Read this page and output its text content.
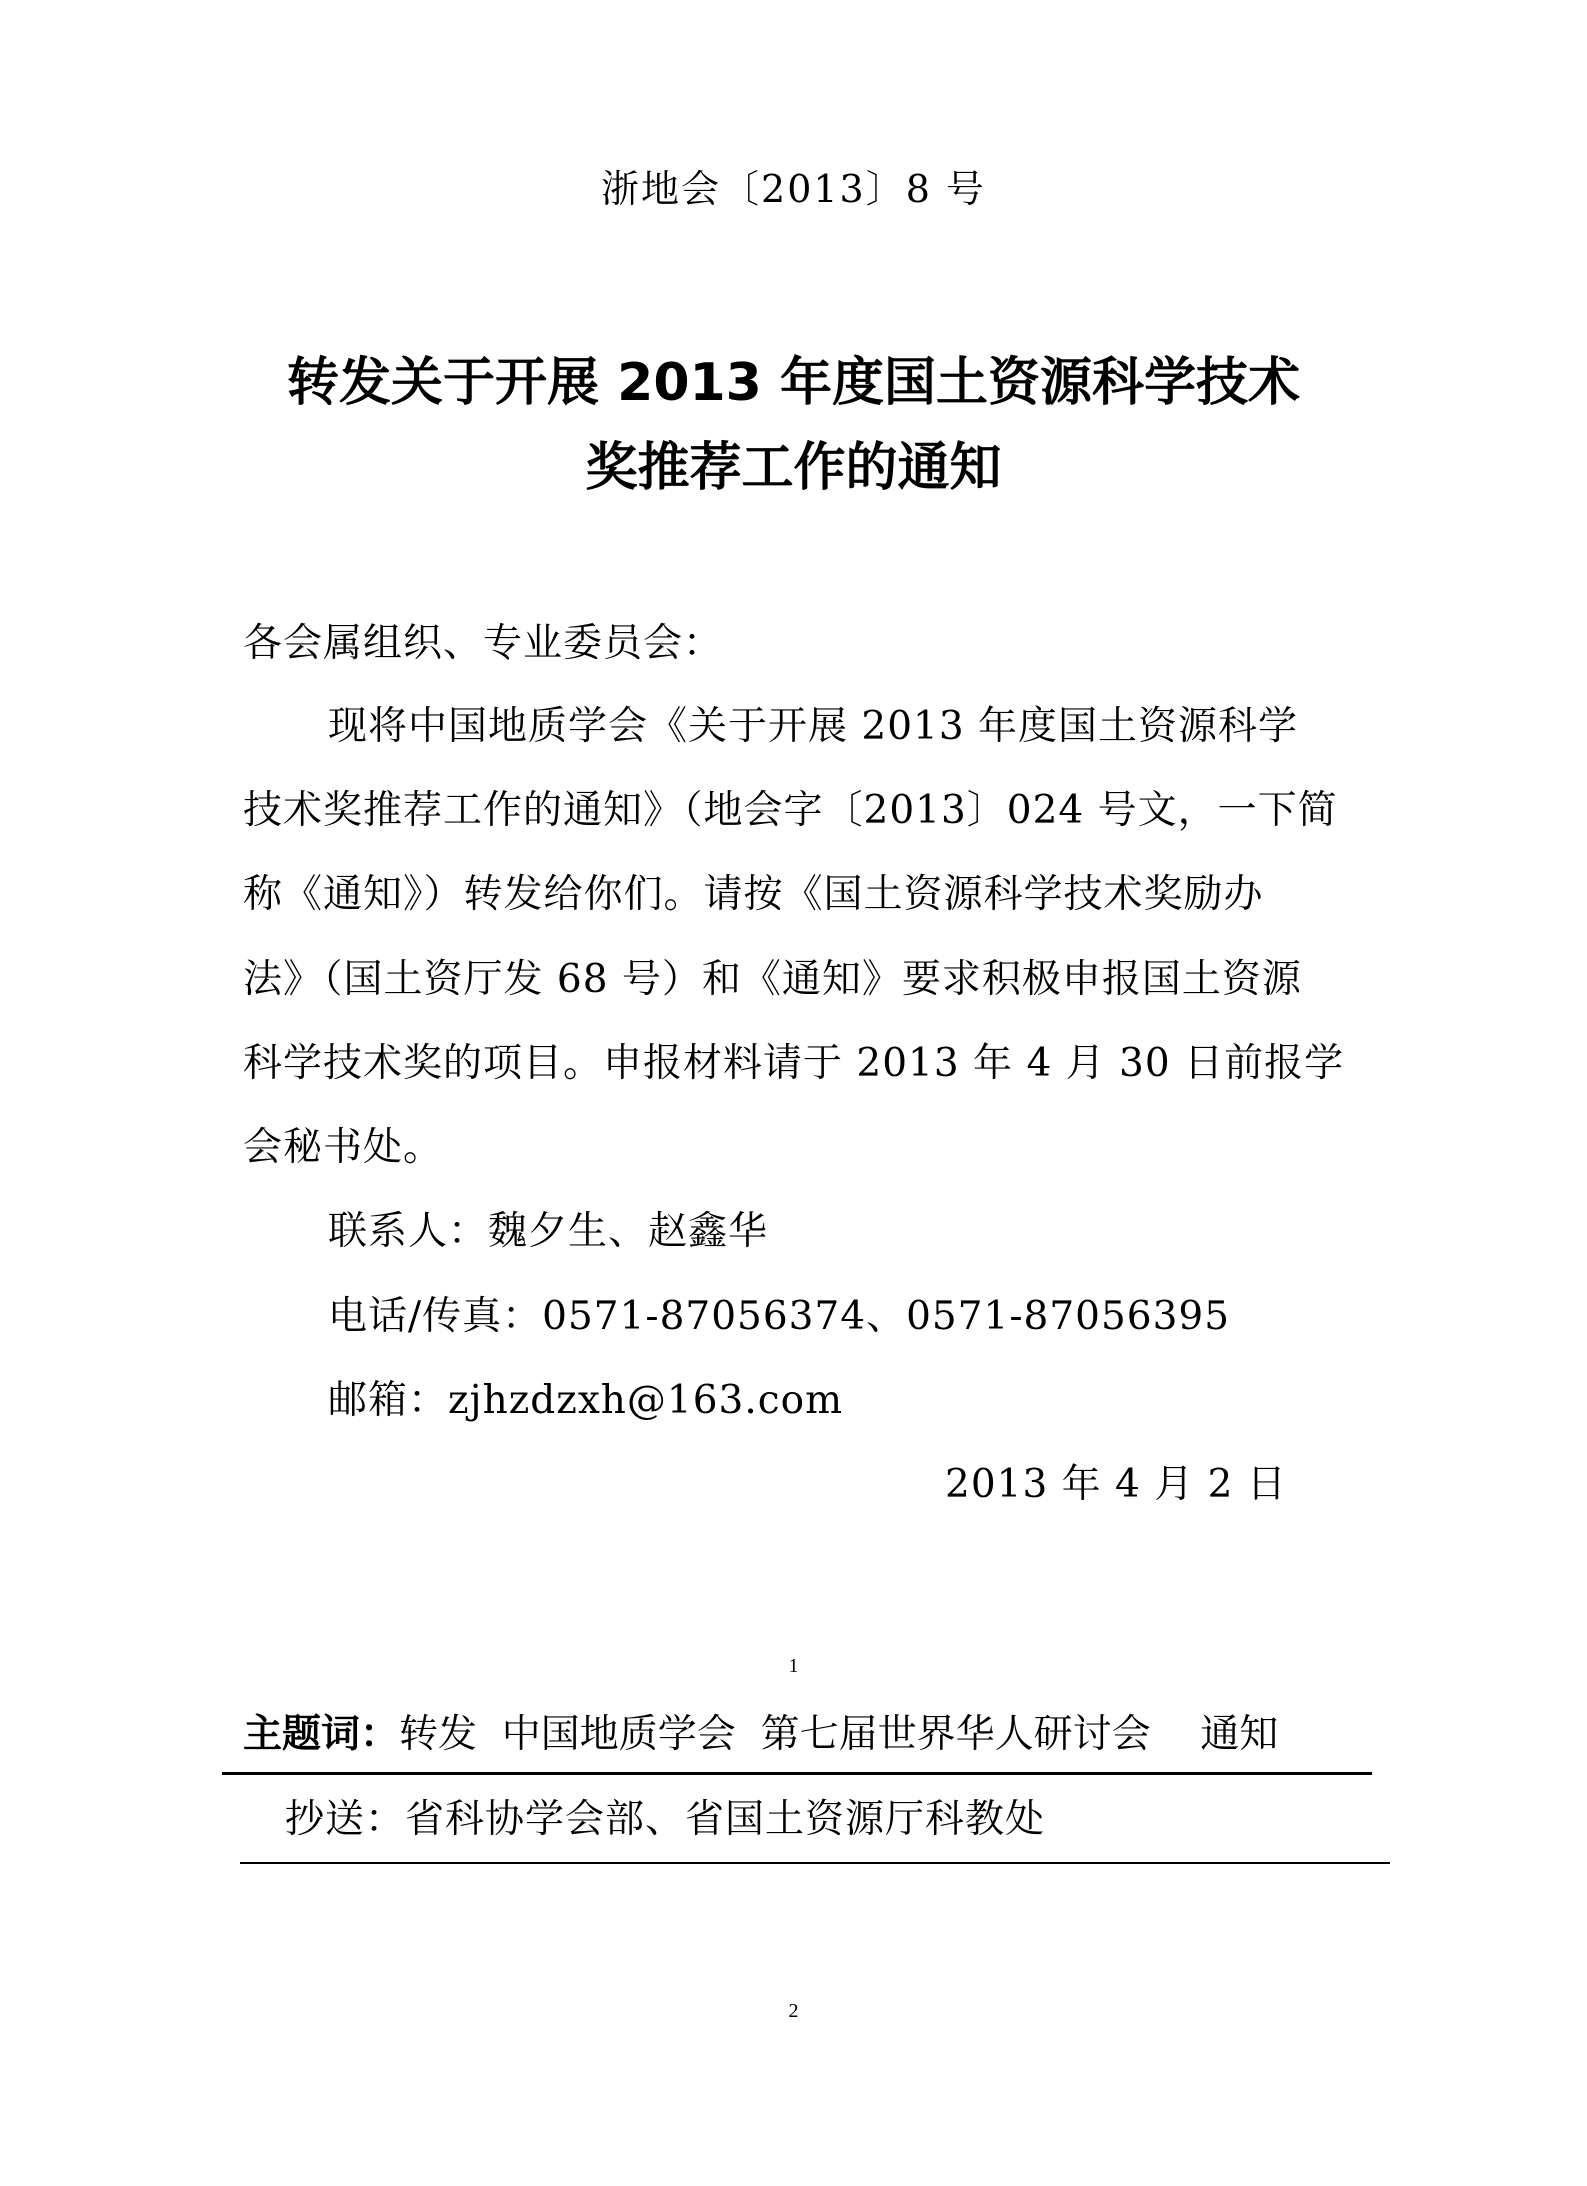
浙地会〔2013〕8 号
转发关于开展 2013 年度国土资源科学技术
奖推荐工作的通知
各会属组织、专业委员会：
现将中国地质学会《关于开展 2013 年度国土资源科学
技术奖推荐工作的通知》（地会字〔2013〕024 号文，一下简
称《通知》）转发给你们。请按《国土资源科学技术奖励办
法》（国土资厅发 68 号）和《通知》要求积极申报国土资源
科学技术奖的项目。申报材料请于 2013 年 4 月 30 日前报学
会秘书处。
联系人：魏夕生、赵鑫华
电话/传真：0571-87056374、0571-87056395
邮箱：zjhzdzxh@163.com
2013 年 4 月 2 日
1
主题词：转发  中国地质学会  第七届世界华人研讨会    通知
抄送：省科协学会部、省国土资源厅科教处
2
